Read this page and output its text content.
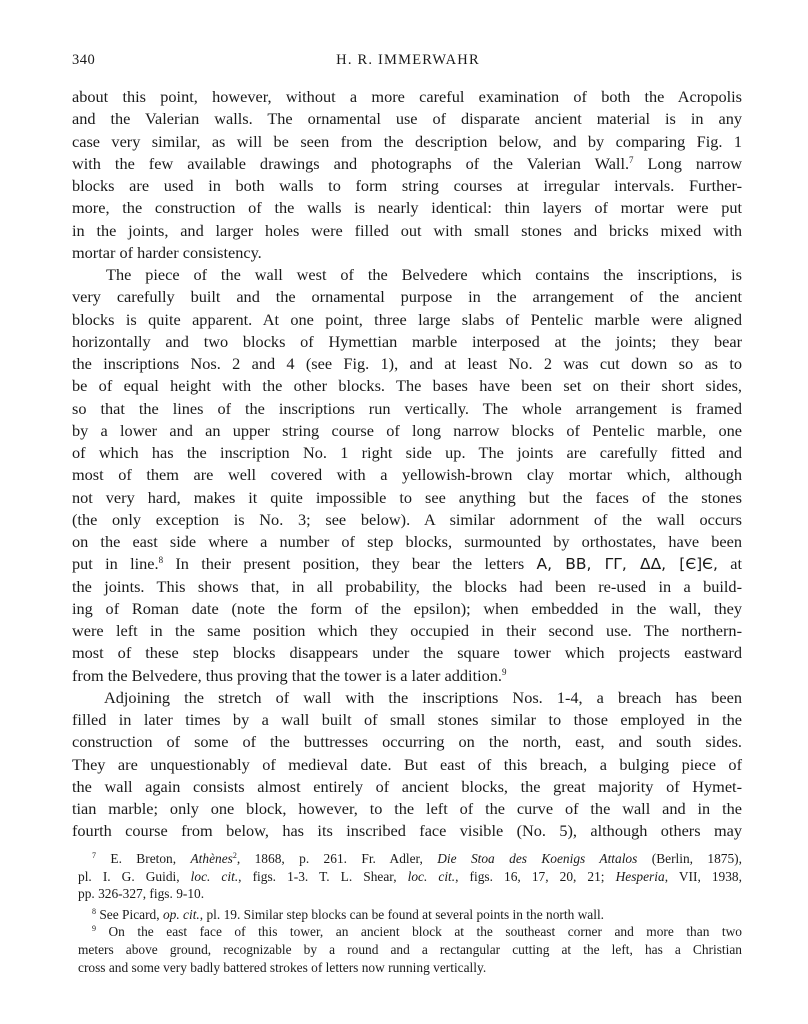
340	H. R. IMMERWAHR
about this point, however, without a more careful examination of both the Acropolis
and the Valerian walls. The ornamental use of disparate ancient material is in any
case very similar, as will be seen from the description below, and by comparing Fig. 1
with the few available drawings and photographs of the Valerian Wall.$^7$ Long narrow
blocks are used in both walls to form string courses at irregular intervals. Further-
more, the construction of the walls is nearly identical: thin layers of mortar were put
in the joints, and larger holes were filled out with small stones and bricks mixed with
mortar of harder consistency.
The piece of the wall west of the Belvedere which contains the inscriptions, is
very carefully built and the ornamental purpose in the arrangement of the ancient
blocks is quite apparent. At one point, three large slabs of Pentelic marble were aligned
horizontally and two blocks of Hymettian marble interposed at the joints; they bear
the inscriptions Nos. 2 and 4 (see Fig. 1), and at least No. 2 was cut down so as to
be of equal height with the other blocks. The bases have been set on their short sides,
so that the lines of the inscriptions run vertically. The whole arrangement is framed
by a lower and an upper string course of long narrow blocks of Pentelic marble, one
of which has the inscription No. 1 right side up. The joints are carefully fitted and
most of them are well covered with a yellowish-brown clay mortar which, although
not very hard, makes it quite impossible to see anything but the faces of the stones
(the only exception is No. 3; see below). A similar adornment of the wall occurs
on the east side where a number of step blocks, surmounted by orthostates, have been
put in line.$^8$ In their present position, they bear the letters A, BB, ΓΓ, ΔΔ, [Є]Є, at
the joints. This shows that, in all probability, the blocks had been re-used in a build-
ing of Roman date (note the form of the epsilon); when embedded in the wall, they
were left in the same position which they occupied in their second use. The northern-
most of these step blocks disappears under the square tower which projects eastward
from the Belvedere, thus proving that the tower is a later addition.$^9$
Adjoining the stretch of wall with the inscriptions Nos. 1-4, a breach has been
filled in later times by a wall built of small stones similar to those employed in the
construction of some of the buttresses occurring on the north, east, and south sides.
They are unquestionably of medieval date. But east of this breach, a bulging piece of
the wall again consists almost entirely of ancient blocks, the great majority of Hymet-
tian marble; only one block, however, to the left of the curve of the wall and in the
fourth course from below, has its inscribed face visible (No. 5), although others may
$^7$ E. Breton, Athènes$^2$, 1868, p. 261. Fr. Adler, Die Stoa des Koenigs Attalos (Berlin, 1875),
pl. I. G. Guidi, loc. cit., figs. 1-3. T. L. Shear, loc. cit., figs. 16, 17, 20, 21; Hesperia, VII, 1938,
pp. 326-327, figs. 9-10.
$^8$ See Picard, op. cit., pl. 19. Similar step blocks can be found at several points in the north wall.
$^9$ On the east face of this tower, an ancient block at the southeast corner and more than two
meters above ground, recognizable by a round and a rectangular cutting at the left, has a Christian
cross and some very badly battered strokes of letters now running vertically.
